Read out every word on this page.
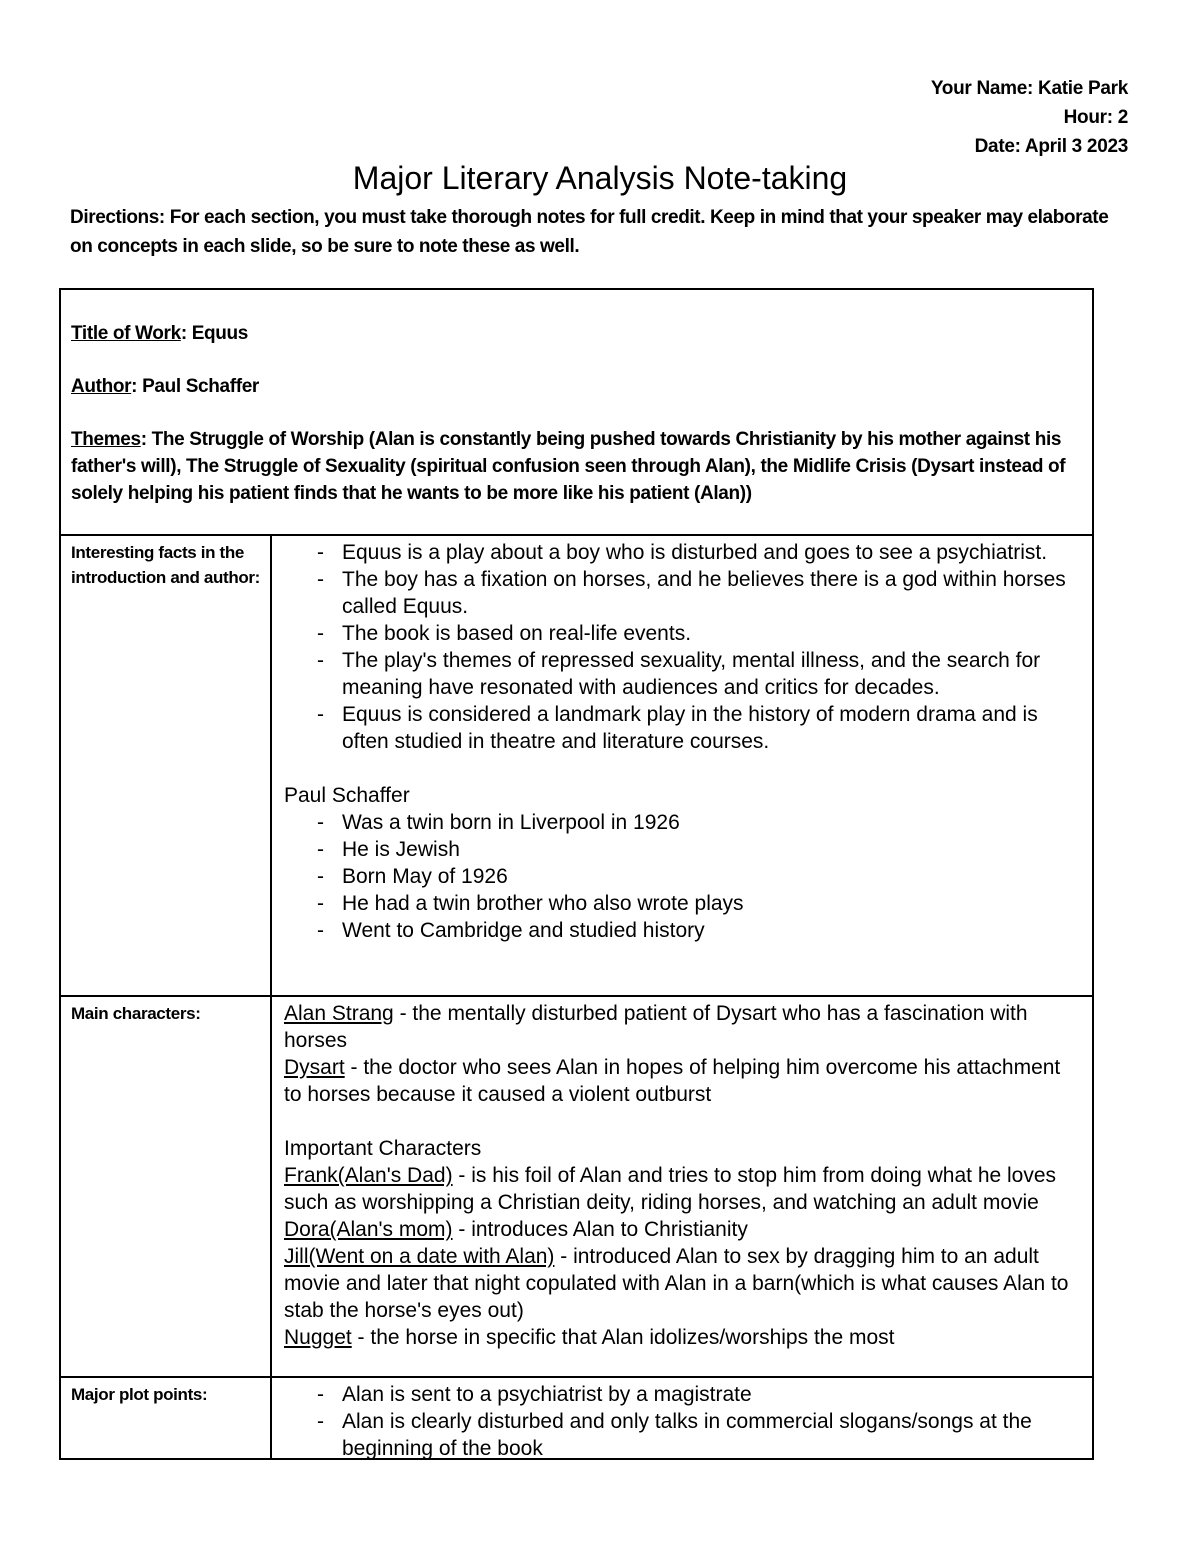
Your Name: Katie Park
Hour: 2
Date: April 3 2023
Major Literary Analysis Note-taking
Directions: For each section, you must take thorough notes for full credit. Keep in mind that your speaker may elaborate on concepts in each slide, so be sure to note these as well.

Title of Work: Equus

Author: Paul Schaffer

Themes: The Struggle of Worship (Alan is constantly being pushed towards Christianity by his mother against his father's will), The Struggle of Sexuality (spiritual confusion seen through Alan), the Midlife Crisis (Dysart instead of solely helping his patient finds that he wants to be more like his patient (Alan))

Interesting facts in the introduction and author:
- Equus is a play about a boy who is disturbed and goes to see a psychiatrist.
- The boy has a fixation on horses, and he believes there is a god within horses called Equus.
- The book is based on real-life events.
- The play's themes of repressed sexuality, mental illness, and the search for meaning have resonated with audiences and critics for decades.
- Equus is considered a landmark play in the history of modern drama and is often studied in theatre and literature courses.

Paul Schaffer

- Was a twin born in Liverpool in 1926
- He is Jewish
- Born May of 1926
- He had a twin brother who also wrote plays
- Went to Cambridge and studied history
Main characters:	Alan Strang - the mentally disturbed patient of Dysart who has a fascination with horses

Dysart - the doctor who sees Alan in hopes of helping him overcome his attachment to horses because it caused a violent outburst

Important Characters

Frank(Alan's Dad) - is his foil of Alan and tries to stop him from doing what he loves such as worshipping a Christian deity, riding horses, and watching an adult movie

Dora(Alan's mom) - introduces Alan to Christianity

Jill(Went on a date with Alan) - introduced Alan to sex by dragging him to an adult movie and later that night copulated with Alan in a barn(which is what causes Alan to stab the horse's eyes out)

Nugget - the horse in specific that Alan idolizes/worships the most

Major plot points:
-	Alan is sent to a psychiatrist by a magistrate
- Alan is clearly disturbed and only talks in commercial slogans/songs at the beginning of the book
